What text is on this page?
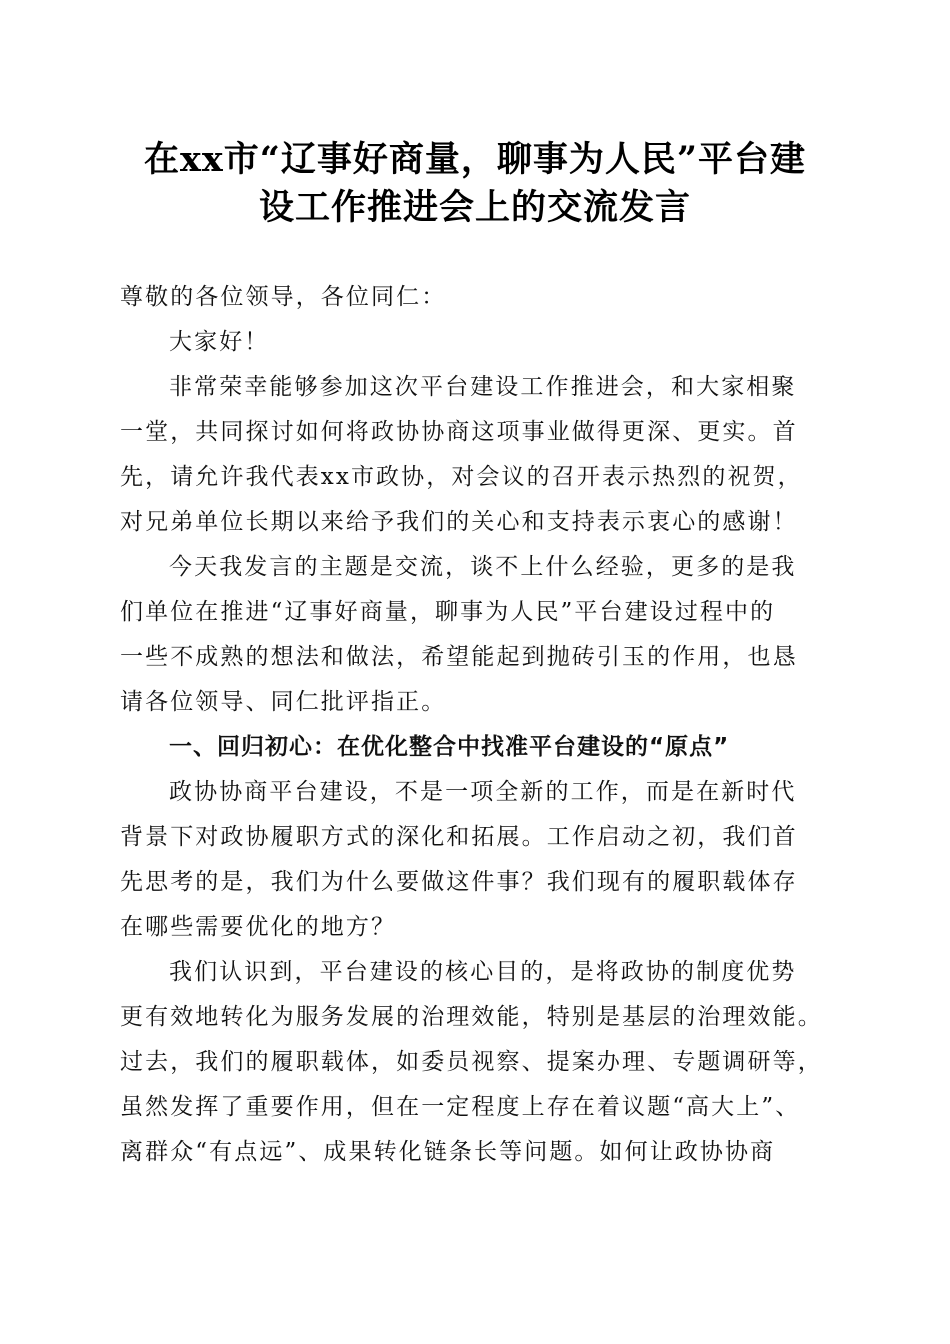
在xx市“辽事好商量，聊事为人民”平台建
设工作推进会上的交流发言
尊敬的各位领导，各位同仁：
大家好！
非常荣幸能够参加这次平台建设工作推进会，和大家相聚
一堂，共同探讨如何将政协协商这项事业做得更深、更实。首
先，请允许我代表xx市政协，对会议的召开表示热烈的祝贺，
对兄弟单位长期以来给予我们的关心和支持表示衷心的感谢！
今天我发言的主题是交流，谈不上什么经验，更多的是我
们单位在推进“辽事好商量，聊事为人民”平台建设过程中的
一些不成熟的想法和做法，希望能起到抛砖引玉的作用，也恳
请各位领导、同仁批评指正。
一、回归初心：在优化整合中找准平台建设的“原点”
政协协商平台建设，不是一项全新的工作，而是在新时代
背景下对政协履职方式的深化和拓展。工作启动之初，我们首
先思考的是，我们为什么要做这件事？我们现有的履职载体存
在哪些需要优化的地方？
我们认识到，平台建设的核心目的，是将政协的制度优势
更有效地转化为服务发展的治理效能，特别是基层的治理效能。
过去，我们的履职载体，如委员视察、提案办理、专题调研等，
虽然发挥了重要作用，但在一定程度上存在着议题“高大上”、
离群众“有点远”、成果转化链条长等问题。如何让政协协商
